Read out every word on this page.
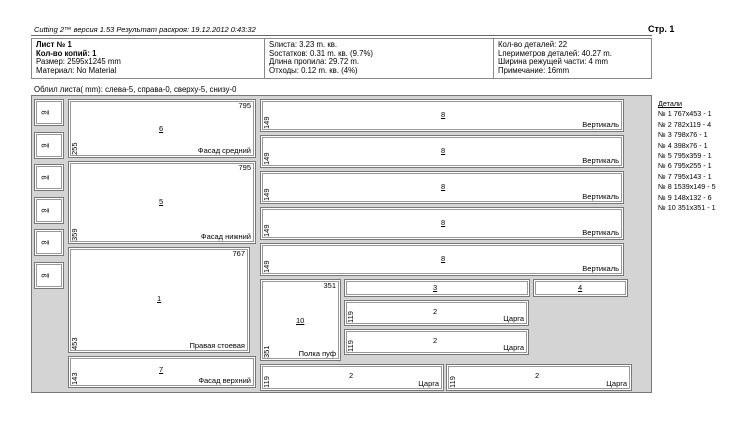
Cutting 2™ версия 1.53 Результат раскроя: 19.12.2012 0:43:32	Стр. 1
Лист № 1
Кол-во копий: 1
Размер: 2595x1245 mm
Материал: No Material
Sлиста: 3.23 m. кв.
Sостатков: 0.31 m. кв. (9.7%)
Длина пропила: 29.72 m.
Отходы: 0.12 m. кв. (4%)
Кол-во деталей: 22
Lпериметров деталей: 40.27 m.
Ширина режущей части: 4 mm
Примечание: 16mm
Облил листа( mm): слева-5, справа-0, сверху-5, снизу-0
9
9
9
9
9
9
795
6
255	Фасад средний
795
5
359	Фасад нижний
767
1
453	Правая стоевая
7
143	Фасад верхний
8
149	Вертикаль
8
149	Вертикаль
8
149	Вертикаль
8
149	Вертикаль
8
149	Вертикаль
351
10
351	Полка пуф
3	4
2
119	Царга
2
119	Царга
2
119	Царга
2
119	Царга
Детали
№ 1 767x453 - 1
№ 2 782x119 - 4
№ 3 798x76 - 1
№ 4 398x76 - 1
№ 5 795x359 - 1
№ 6 795x255 - 1
№ 7 795x143 - 1
№ 8 1539x149 - 5
№ 9 148x132 - 6
№ 10 351x351 - 1
